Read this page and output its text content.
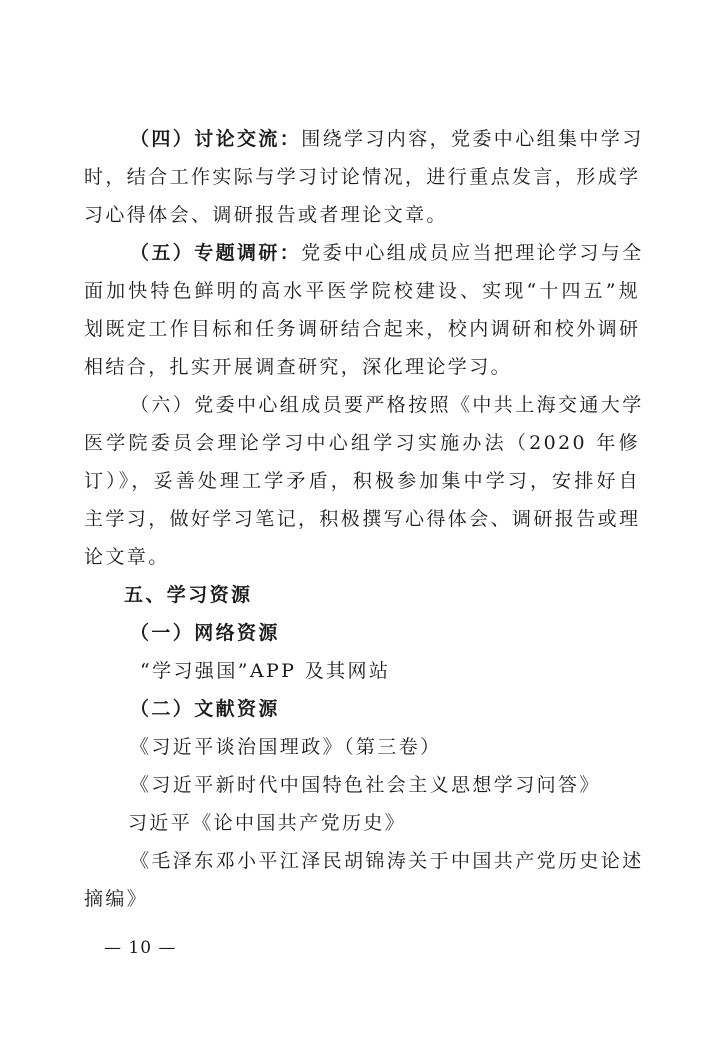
（四）讨论交流：围绕学习内容，党委中心组集中学习
时，结合工作实际与学习讨论情况，进行重点发言，形成学
习心得体会、调研报告或者理论文章。
（五）专题调研：党委中心组成员应当把理论学习与全
面加快特色鲜明的高水平医学院校建设、实现“十四五”规
划既定工作目标和任务调研结合起来，校内调研和校外调研
相结合，扎实开展调查研究，深化理论学习。
（六）党委中心组成员要严格按照《中共上海交通大学
医学院委员会理论学习中心组学习实施办法（2020 年修
订）》，妥善处理工学矛盾，积极参加集中学习，安排好自
主学习，做好学习笔记，积极撰写心得体会、调研报告或理
论文章。
五、学习资源
（一）网络资源
“学习强国”APP 及其网站
（二）文献资源
《习近平谈治国理政》（第三卷）
《习近平新时代中国特色社会主义思想学习问答》
习近平《论中国共产党历史》
《毛泽东邓小平江泽民胡锦涛关于中国共产党历史论述
摘编》
— 10 —
